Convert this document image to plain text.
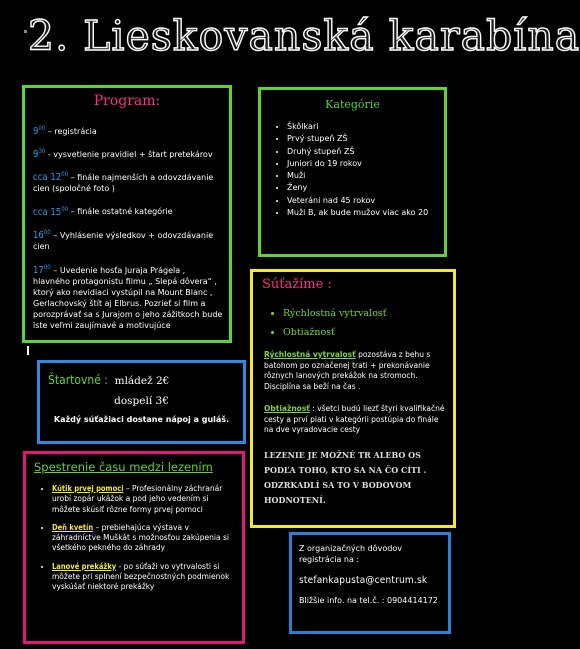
2. Lieskovanská karabína
Program:
$9^{00}$ – registrácia
$9^{30}$ - vysvetlenie pravidiel + štart pretekárov
cca $12^{00}$ – finále najmenších a odovzdávanie cien (spoločné foto )
cca $15^{00}$ – finále ostatné kategórie
$16^{00}$ – Vyhlásenie výsledkov + odovzdávanie cien
$17^{00}$ – Uvedenie hosťa Juraja Prágela , hlavného protagonistu filmu „ Slepá dôvera“ , ktorý ako nevidiaci vystúpil na Mount Blanc , Gerlachovský štít aj Elbrus. Pozrieť si film a porozprávať sa s Jurajom o jeho zážitkoch bude iste veľmi zaujímavé a motivujúce
Kategórie
• Škôlkari
• Prvý stupeň ZŠ
• Druhý stupeň ZŠ
• Juniori do 19 rokov
• Muži
• Ženy
• Veteráni nad 45 rokov
• Muži B, ak bude mužov viac ako 20
Súťažíme :
• Rýchlostná vytrvalosť
• Obtiažnosť
Rýchlostná vytrvalosť pozostáva z behu s batohom po označenej trati + prekonávanie rôznych lanových prekážok na stromoch. Disciplína sa beží na čas .
Obtiažnosť : všetci budú liezť štyri kvalifikačné cesty a prví piati v kategórii postúpia do finále na dve vyradovacie cesty
LEZENIE JE MOŽNÉ TR ALEBO OS PODĽA TOHO, KTO SA NA ČO CÍTI . ODZRKADLÍ SA TO V BODOVOM HODNOTENÍ.
Štartovné : mládež 2€
dospelí 3€
Každý súťažiaci dostane nápoj a guláš.
Spestrenie času medzi lezením
• Kútik prvej pomoci – Profesionálny záchranár urobí zopár ukážok a pod jeho vedením si môžete skúsiť rôzne formy prvej pomoci
• Deň kvetín – prebiehajúca výstava v záhradníctve Muškát s možnosťou zakúpenia si všetkého pekného do záhrady
• Lanové prekážky - po súťaži vo vytrvalosti si môžete pri splnení bezpečnostných podmienok vyskúšať niektoré prekážky
Z organizačných dôvodov registrácia na :
stefankapusta@centrum.sk
Bližšie info. na tel.č. : 0904414172
